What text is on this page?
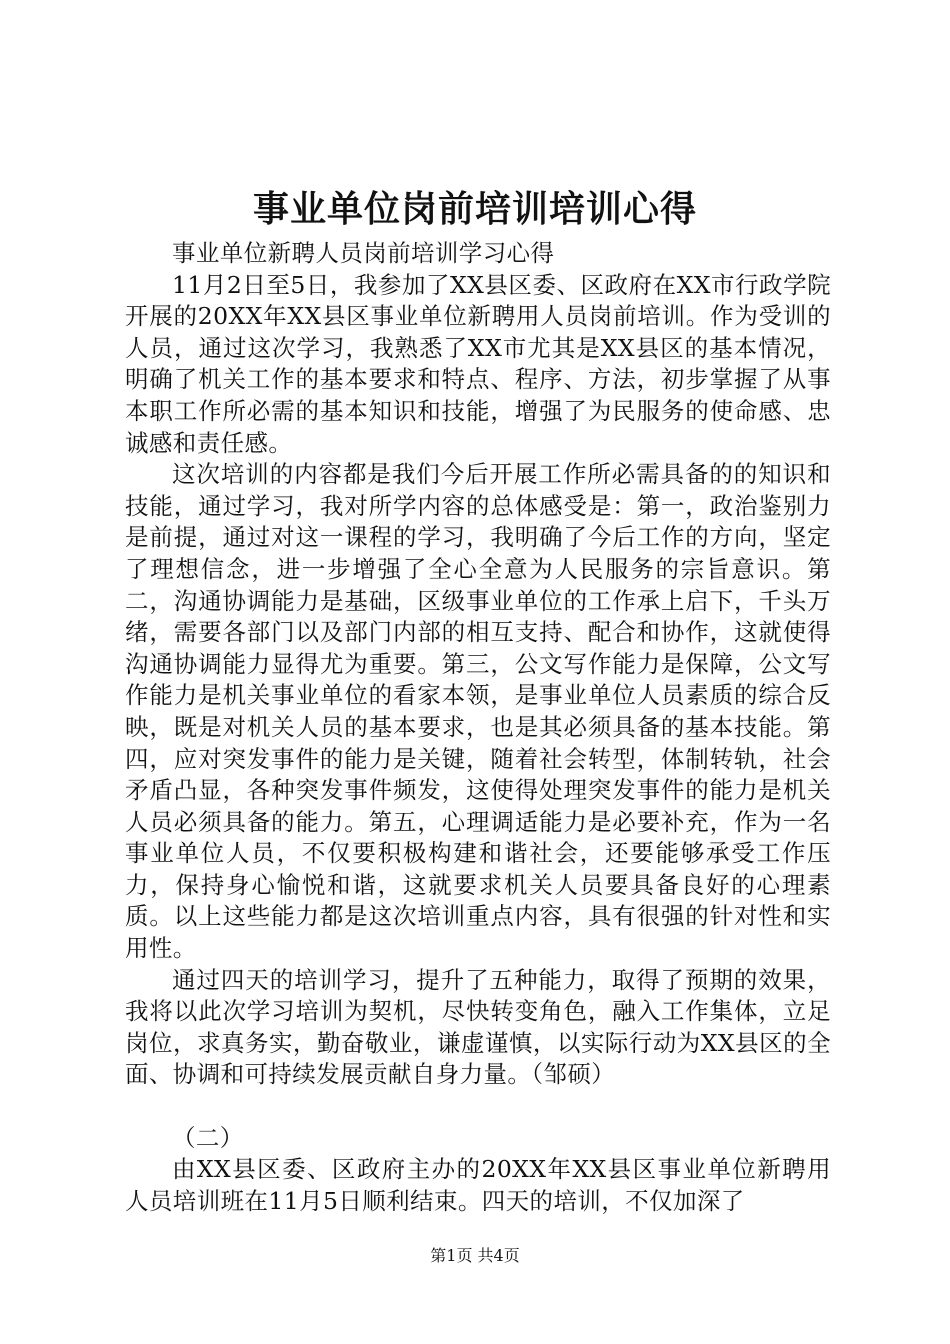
事业单位岗前培训培训心得

事业单位新聘人员岗前培训学习心得

11月2日至5日，我参加了XX县区委、区政府在XX市行政学院开展的20XX年XX县区事业单位新聘用人员岗前培训。作为受训的人员，通过这次学习，我熟悉了XX市尤其是XX县区的基本情况，明确了机关工作的基本要求和特点、程序、方法，初步掌握了从事本职工作所必需的基本知识和技能，增强了为民服务的使命感、忠诚感和责任感。

这次培训的内容都是我们今后开展工作所必需具备的的知识和技能，通过学习，我对所学内容的总体感受是：第一，政治鉴别力是前提，通过对这一课程的学习，我明确了今后工作的方向，坚定了理想信念，进一步增强了全心全意为人民服务的宗旨意识。第二，沟通协调能力是基础，区级事业单位的工作承上启下，千头万绪，需要各部门以及部门内部的相互支持、配合和协作，这就使得沟通协调能力显得尤为重要。第三，公文写作能力是保障，公文写作能力是机关事业单位的看家本领，是事业单位人员素质的综合反映，既是对机关人员的基本要求，也是其必须具备的基本技能。第四，应对突发事件的能力是关键，随着社会转型，体制转轨，社会矛盾凸显，各种突发事件频发，这使得处理突发事件的能力是机关人员必须具备的能力。第五，心理调适能力是必要补充，作为一名事业单位人员，不仅要积极构建和谐社会，还要能够承受工作压力，保持身心愉悦和谐，这就要求机关人员要具备良好的心理素质。以上这些能力都是这次培训重点内容，具有很强的针对性和实用性。

通过四天的培训学习，提升了五种能力，取得了预期的效果，我将以此次学习培训为契机，尽快转变角色，融入工作集体，立足岗位，求真务实，勤奋敬业，谦虚谨慎，以实际行动为XX县区的全面、协调和可持续发展贡献自身力量。（邹硕）

（二）

由XX县区委、区政府主办的20XX年XX县区事业单位新聘用人员培训班在11月5日顺利结束。四天的培训，不仅加深了

第1页 共4页
